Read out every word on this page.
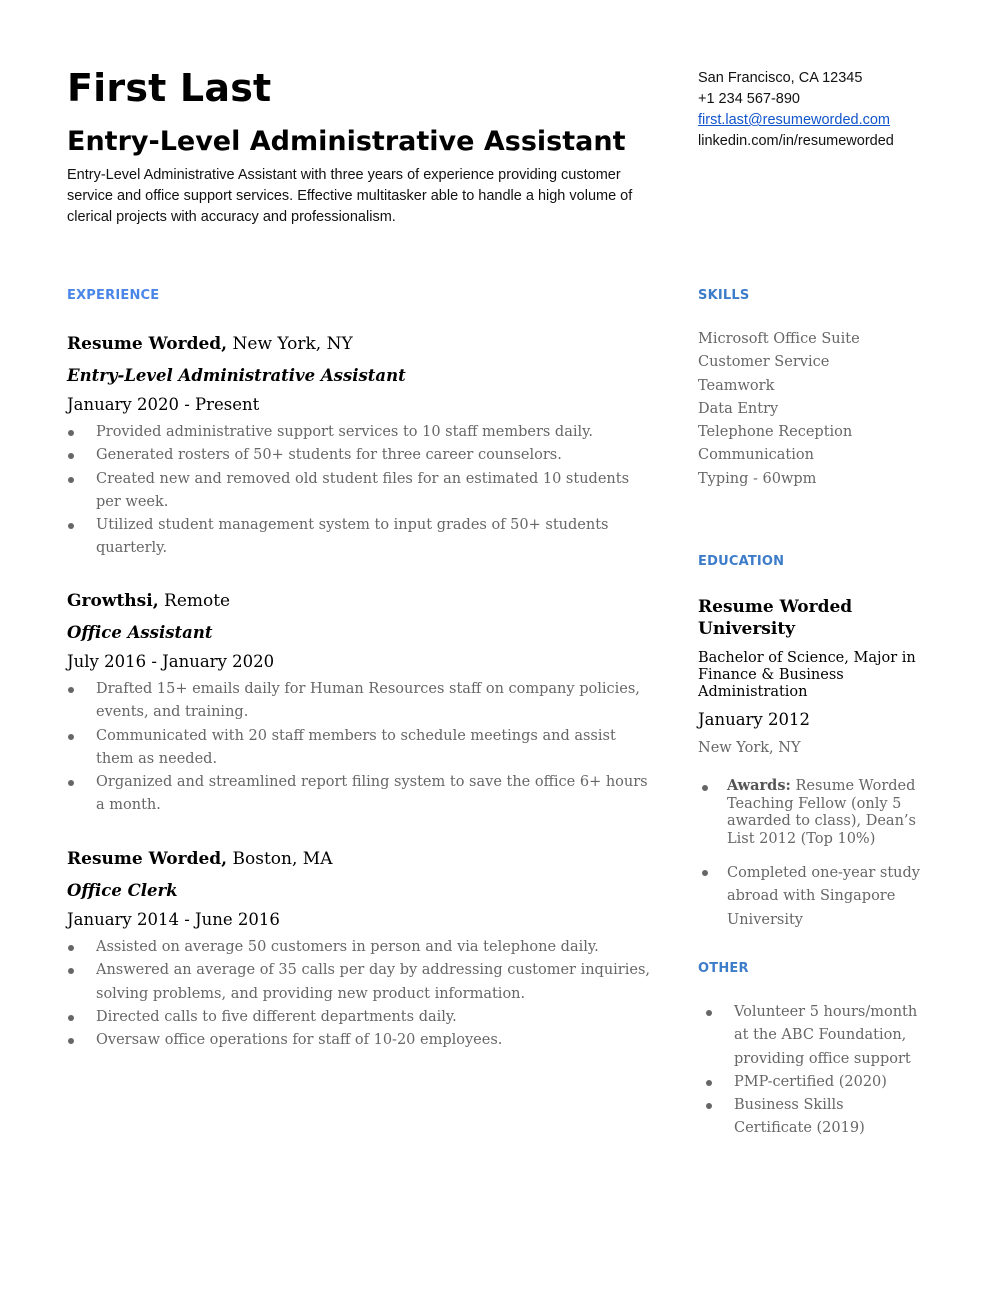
First Last
Entry-Level Administrative Assistant
Entry-Level Administrative Assistant with three years of experience providing customer service and office support services. Effective multitasker able to handle a high volume of clerical projects with accuracy and professionalism.
San Francisco, CA 12345
+1 234 567-890
first.last@resumeworded.com
linkedin.com/in/resumeworded
EXPERIENCE	SKILLS
EDUCATION
OTHER
Resume Worded, New York, NY
Entry-Level Administrative Assistant
January 2020 - Present
Provided administrative support services to 10 staff members daily.
Generated rosters of 50+ students for three career counselors.
Created new and removed old student files for an estimated 10 students per week.
Utilized student management system to input grades of 50+ students quarterly.
Growthsi, Remote
Office Assistant
July 2016 - January 2020
Drafted 15+ emails daily for Human Resources staff on company policies, events, and training.
Communicated with 20 staff members to schedule meetings and assist them as needed.
Organized and streamlined report filing system to save the office 6+ hours a month.
Resume Worded, Boston, MA
Office Clerk
January 2014 - June 2016
Assisted on average 50 customers in person and via telephone daily.
Answered an average of 35 calls per day by addressing customer inquiries, solving problems, and providing new product information.
Directed calls to five different departments daily.
Oversaw office operations for staff of 10-20 employees.
Microsoft Office Suite
Customer Service
Teamwork
Data Entry
Telephone Reception
Communication
Typing - 60wpm
Resume Worded University
Bachelor of Science, Major in Finance & Business Administration
January 2012
New York, NY
Awards: Resume Worded Teaching Fellow (only 5 awarded to class), Dean’s List 2012 (Top 10%)
Completed one-year study abroad with Singapore University
Volunteer 5 hours/month at the ABC Foundation, providing office support
PMP-certified (2020)
Business Skills Certificate (2019)
